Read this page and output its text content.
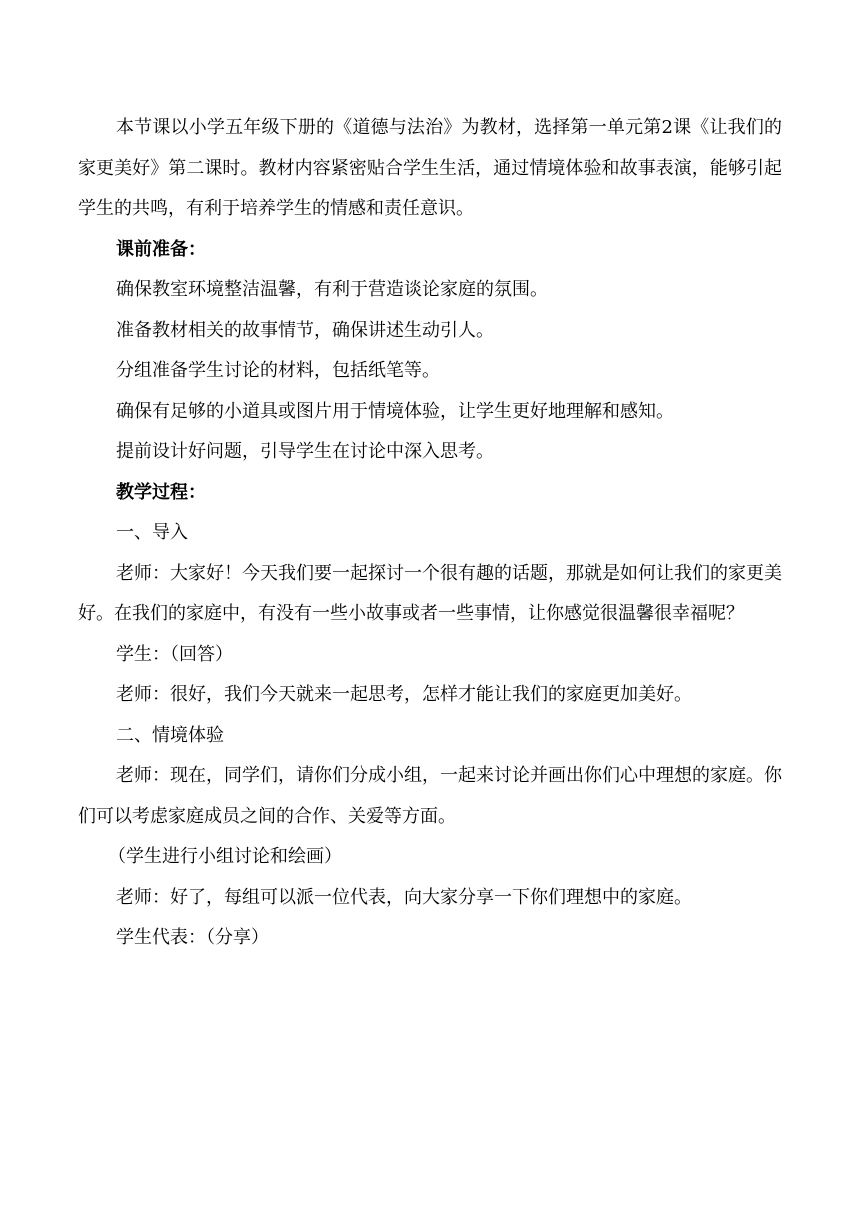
本节课以小学五年级下册的《道德与法治》为教材，选择第一单元第2课《让我们的家更美好》第二课时。教材内容紧密贴合学生生活，通过情境体验和故事表演，能够引起学生的共鸣，有利于培养学生的情感和责任意识。

课前准备：

确保教室环境整洁温馨，有利于营造谈论家庭的氛围。

准备教材相关的故事情节，确保讲述生动引人。

分组准备学生讨论的材料，包括纸笔等。

确保有足够的小道具或图片用于情境体验，让学生更好地理解和感知。

提前设计好问题，引导学生在讨论中深入思考。

教学过程：

一、导入

老师：大家好！今天我们要一起探讨一个很有趣的话题，那就是如何让我们的家更美好。在我们的家庭中，有没有一些小故事或者一些事情，让你感觉很温馨很幸福呢？

学生：（回答）

老师：很好，我们今天就来一起思考，怎样才能让我们的家庭更加美好。

二、情境体验

老师：现在，同学们，请你们分成小组，一起来讨论并画出你们心中理想的家庭。你们可以考虑家庭成员之间的合作、关爱等方面。

（学生进行小组讨论和绘画）

老师：好了，每组可以派一位代表，向大家分享一下你们理想中的家庭。

学生代表：（分享）
